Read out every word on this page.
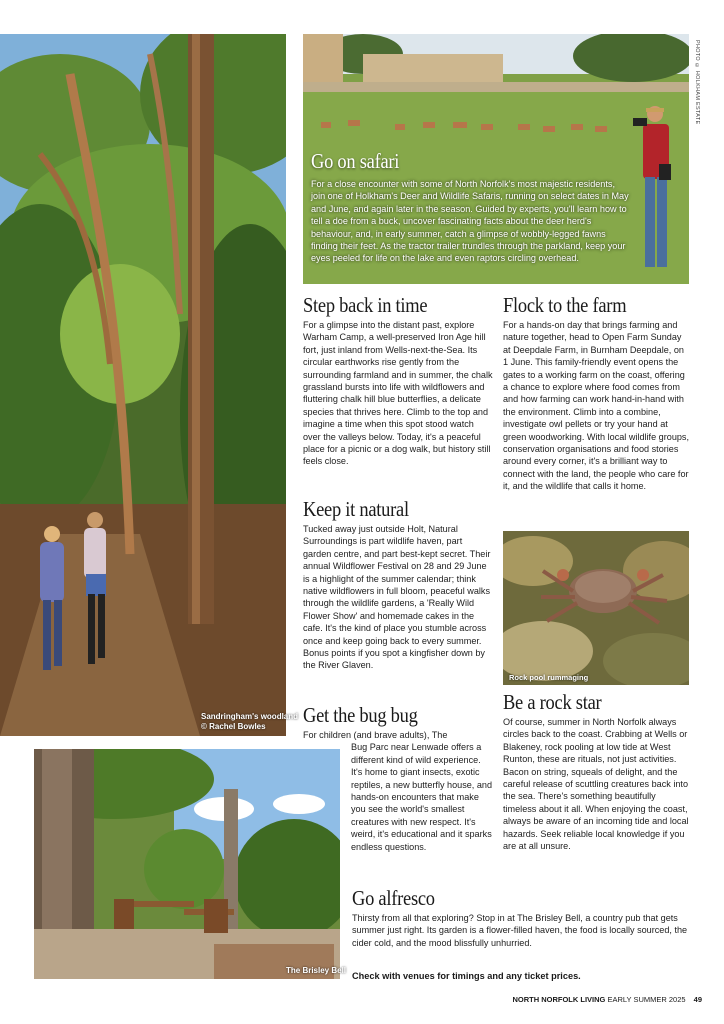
Sandringham's woodland
© Rachel Bowles
PHOTO © HOLKHAM ESTATE
Go on safari

For a close encounter with some of North Norfolk's most majestic residents, join one of Holkham's Deer and Wildlife Safaris, running on select dates in May and June, and again later in the season. Guided by experts, you'll learn how to tell a doe from a buck, uncover fascinating facts about the deer herd's behaviour, and, in early summer, catch a glimpse of wobbly-legged fawns finding their feet. As the tractor trailer trundles through the parkland, keep your eyes peeled for life on the lake and even raptors circling overhead.

Step back in time

For a glimpse into the distant past, explore Warham Camp, a well-preserved Iron Age hill fort, just inland from Wells-next-the-Sea. Its circular earthworks rise gently from the surrounding farmland and in summer, the chalk grassland bursts into life with wildflowers and fluttering chalk hill blue butterflies, a delicate species that thrives here. Climb to the top and imagine a time when this spot stood watch over the valleys below. Today, it's a peaceful place for a picnic or a dog walk, but history still feels close.

Flock to the farm

For a hands-on day that brings farming and nature together, head to Open Farm Sunday at Deepdale Farm, in Burnham Deepdale, on 1 June. This family-friendly event opens the gates to a working farm on the coast, offering a chance to explore where food comes from and how farming can work hand-in-hand with the environment. Climb into a combine, investigate owl pellets or try your hand at green woodworking. With local wildlife groups, conservation organisations and food stories around every corner, it's a brilliant way to connect with the land, the people who care for it, and the wildlife that calls it home.

Keep it natural

Tucked away just outside Holt, Natural Surroundings is part wildlife haven, part garden centre, and part best-kept secret. Their annual Wildflower Festival on 28 and 29 June is a highlight of the summer calendar; think native wildflowers in full bloom, peaceful walks through the wildlife gardens, a 'Really Wild Flower Show' and homemade cakes in the cafe. It's the kind of place you stumble across once and keep going back to every summer. Bonus points if you spot a kingfisher down by the River Glaven.

Rock pool rummaging
Be a rock star

Of course, summer in North Norfolk always circles back to the coast. Crabbing at Wells or Blakeney, rock pooling at low tide at West Runton, these are rituals, not just activities. Bacon on string, squeals of delight, and the careful release of scuttling creatures back into the sea. There's something beautifully timeless about it all. When enjoying the coast, always be aware of an incoming tide and local hazards. Seek reliable local knowledge if you are at all unsure.

Get the bug bug

For children (and brave adults), The

Bug Parc near Lenwade offers a different kind of wild experience. It's home to giant insects, exotic reptiles, a new butterfly house, and hands-on encounters that make you see the world's smallest creatures with new respect. It's weird, it's educational and it sparks endless questions.

The Brisley Bell
Go alfresco

Thirsty from all that exploring? Stop in at The Brisley Bell, a country pub that gets summer just right. Its garden is a flower-filled haven, the food is locally sourced, the cider cold, and the mood blissfully unhurried.

Check with venues for timings and any ticket prices.
NORTH NORFOLK LIVING EARLY SUMMER 2025 49
